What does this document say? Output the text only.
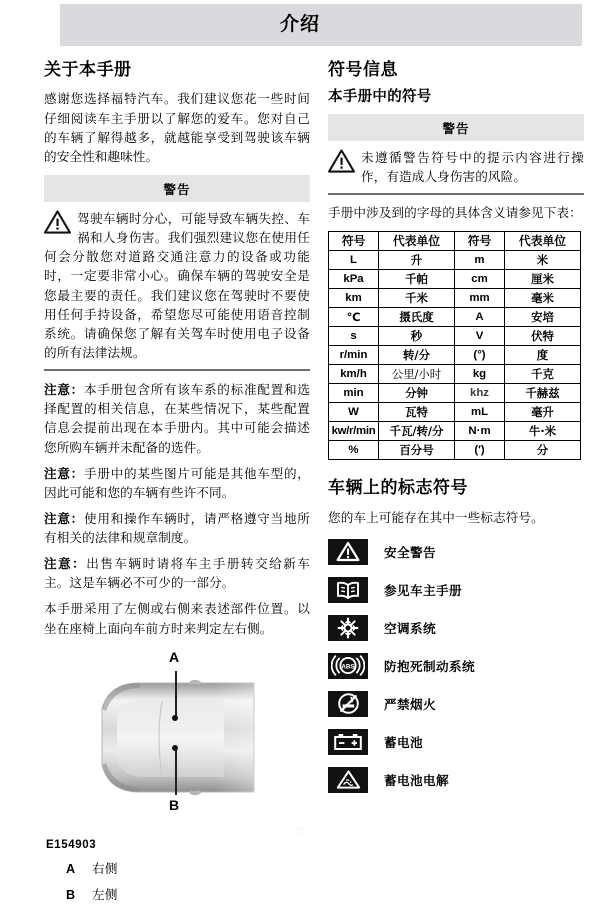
介绍
关于本手册

感谢您选择福特汽车。我们建议您花一些时间仔细阅读车主手册以了解您的爱车。您对自己的车辆了解得越多，就越能享受到驾驶该车辆的安全性和趣味性。

警告

驾驶车辆时分心，可能导致车辆失控、车祸和人身伤害。我们强烈建议您在使用任何会分散您对道路交通注意力的设备或功能时，一定要非常小心。确保车辆的驾驶安全是您最主要的责任。我们建议您在驾驶时不要使用任何手持设备，希望您尽可能使用语音控制系统。请确保您了解有关驾车时使用电子设备的所有法律法规。

注意：本手册包含所有该车系的标准配置和选择配置的相关信息，在某些情况下，某些配置信息会提前出现在本手册内。其中可能会描述您所购车辆并未配备的选件。

注意：手册中的某些图片可能是其他车型的，因此可能和您的车辆有些许不同。

注意：使用和操作车辆时，请严格遵守当地所有相关的法律和规章制度。

注意：出售车辆时请将车主手册转交给新车主。这是车辆必不可少的一部分。

本手册采用了左侧或右侧来表述部件位置。以坐在座椅上面向车前方时来判定左右侧。

A
B
E154903
A 右侧
B 左侧
符号信息
本手册中的符号
警告

未遵循警告符号中的提示内容进行操作，有造成人身伤害的风险。

手册中涉及到的字母的具体含义请参见下表：

符号	代表单位	符号	代表单位
L	升	m	米
kPa	千帕	cm	厘米
km	千米	mm	毫米
℃	摄氏度	A	安培
s	秒	V	伏特
r/min	转/分	(°)	度
km/h	公里/小时	kg	千克
min	分钟	khz	千赫兹
W	瓦特	mL	毫升
kw/r/min	千瓦/转/分	N·m	牛·米
%	百分号	(′)	分
车辆上的标志符号

您的车上可能存在其中一些标志符号。

安全警告
参见车主手册
空调系统
ABS 防抱死制动系统
严禁烟火
蓄电池
蓄电池电解
兴
